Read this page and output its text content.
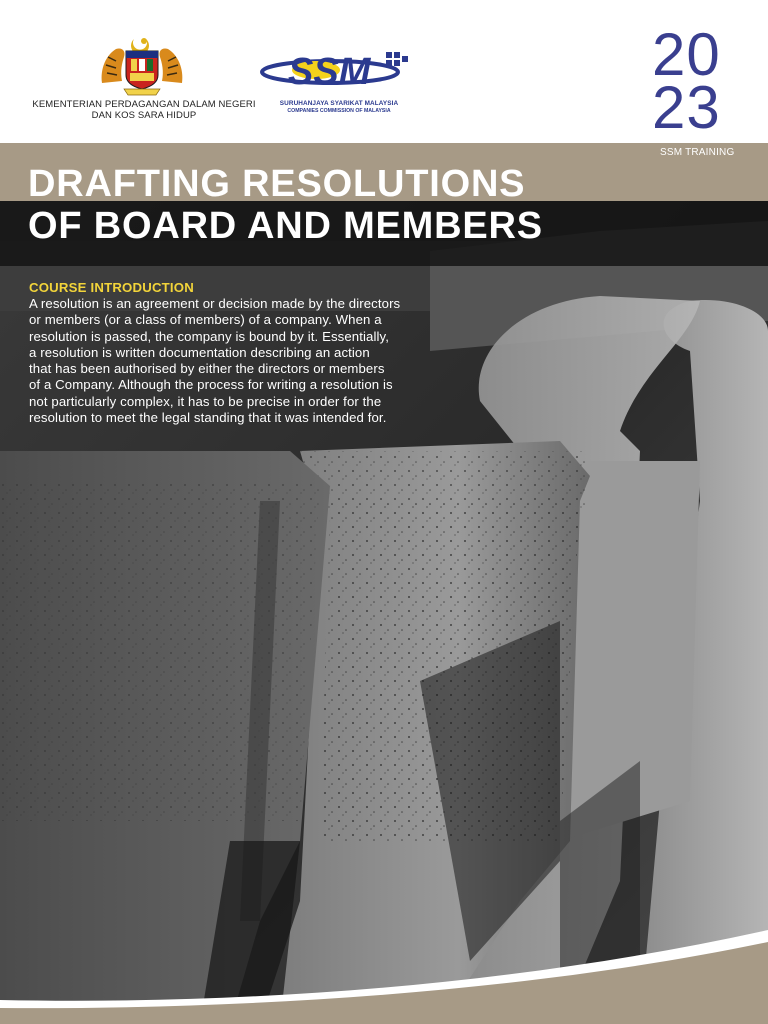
KEMENTERIAN PERDAGANGAN DALAM NEGERI
DAN KOS SARA HIDUP
SSM
SURUHANJAYA SYARIKAT MALAYSIA
COMPANIES COMMISSION OF MALAYSIA
20
23
SSM TRAINING
DRAFTING RESOLUTIONS
OF BOARD AND MEMBERS
COURSE INTRODUCTION
A resolution is an agreement or decision made by the directors
or members (or a class of members) of a company. When a
resolution is passed, the company is bound by it. Essentially,
a resolution is written documentation describing an action
that has been authorised by either the directors or members
of a Company. Although the process for writing a resolution is
not particularly complex, it has to be precise in order for the
resolution to meet the legal standing that it was intended for.
